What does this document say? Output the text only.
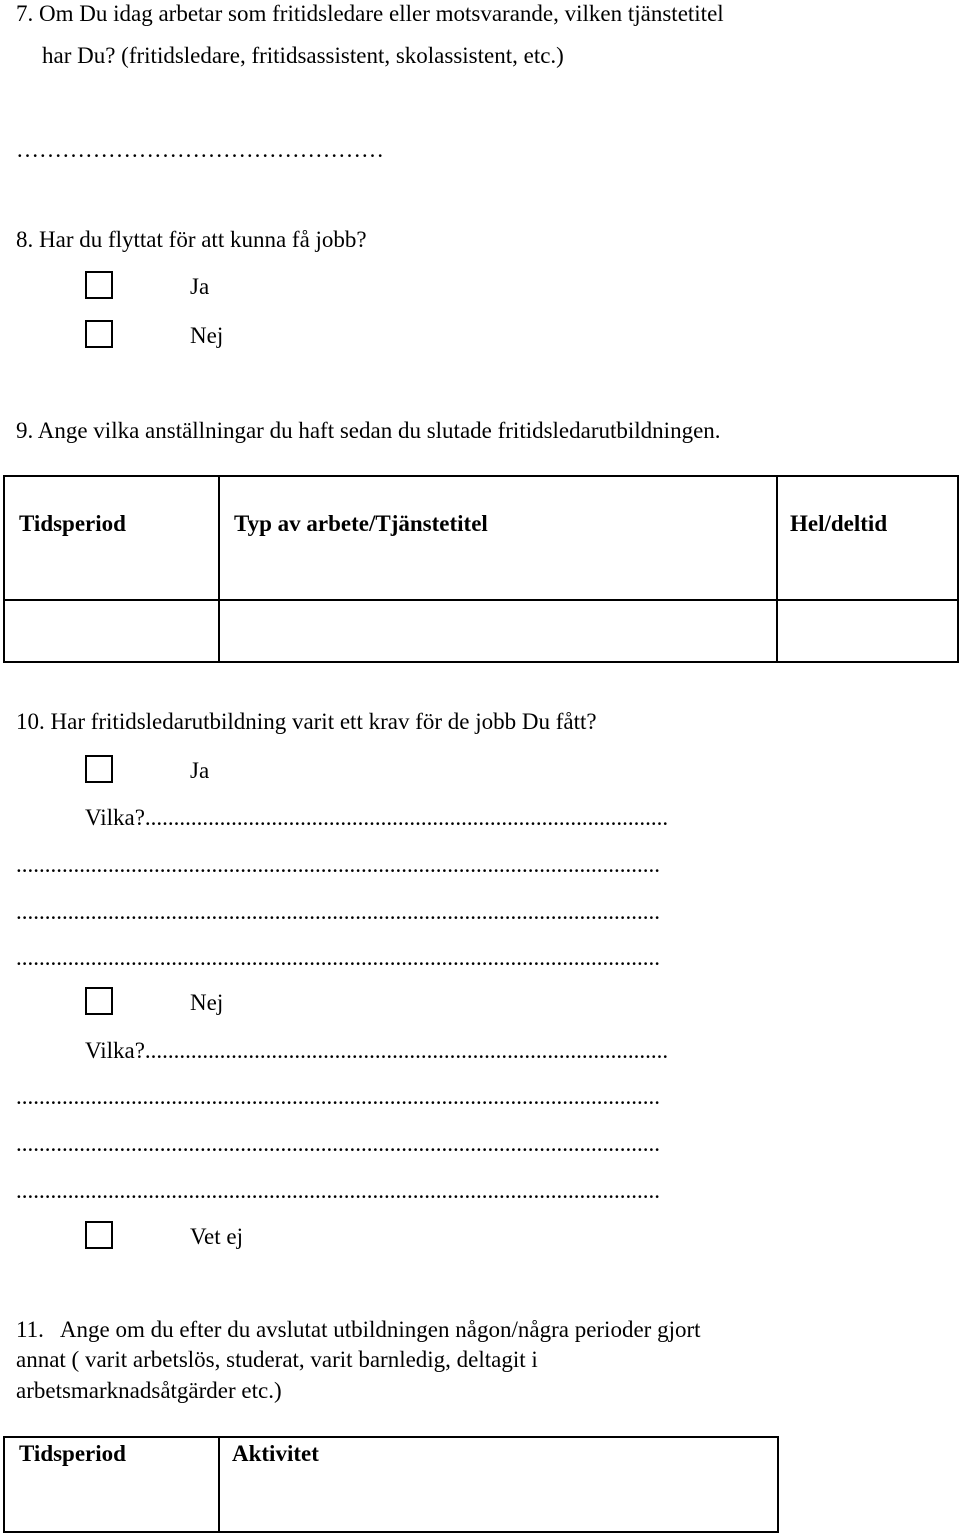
7. Om Du idag arbetar som fritidsledare eller motsvarande, vilken tjänstetitel
har Du? (fritidsledare, fritidsassistent, skolassistent, etc.)
…………………………………………
8. Har du flyttat för att kunna få jobb?
Ja
Nej
9. Ange vilka anställningar du haft sedan du slutade fritidsledarutbildningen.
Tidsperiod	Typ av arbete/Tjänstetitel	Hel/deltid

10. Har fritidsledarutbildning varit ett krav för de jobb Du fått?
Ja
Vilka?...........................................................................................
................................................................................................................
................................................................................................................
................................................................................................................
Nej
Vilka?...........................................................................................
................................................................................................................
................................................................................................................
................................................................................................................
Vet ej
11.   Ange om du efter du avslutat utbildningen någon/några perioder gjort
annat ( varit arbetslös, studerat, varit barnledig, deltagit i
arbetsmarknadsåtgärder etc.)
Tidsperiod	Aktivitet
